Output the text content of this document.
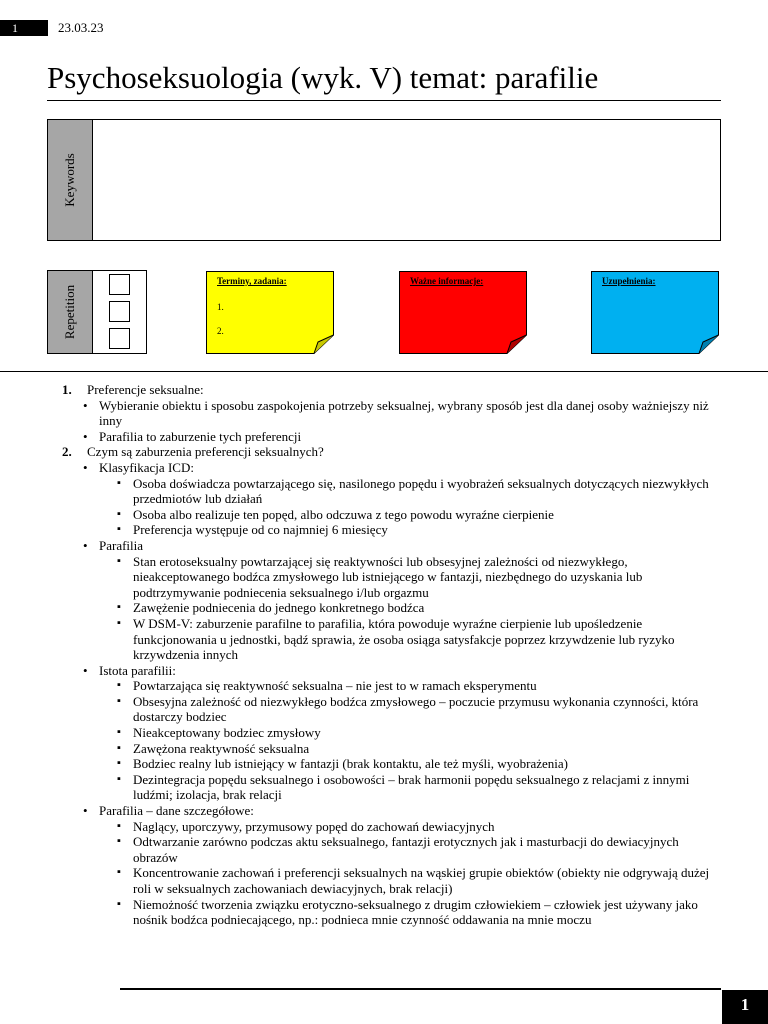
1	23.03.23
Psychoseksuologia (wyk. V) temat: parafilie
Keywords
Repetition
Terminy, zadania:
1.
2.
Ważne informacje:	Uzupełnienia:
1. Preferencje seksualne:
• Wybieranie obiektu i sposobu zaspokojenia potrzeby seksualnej, wybrany sposób jest dla danej osoby ważniejszy niż inny
• Parafilia to zaburzenie tych preferencji
2. Czym są zaburzenia preferencji seksualnych?
• Klasyfikacja ICD:
▪ Osoba doświadcza powtarzającego się, nasilonego popędu i wyobrażeń seksualnych dotyczących niezwykłych przedmiotów lub działań
▪ Osoba albo realizuje ten popęd, albo odczuwa z tego powodu wyraźne cierpienie
▪ Preferencja występuje od co najmniej 6 miesięcy
• Parafilia
▪ Stan erotoseksualny powtarzającej się reaktywności lub obsesyjnej zależności od niezwykłego, nieakceptowanego bodźca zmysłowego lub istniejącego w fantazji, niezbędnego do uzyskania lub podtrzymywanie podniecenia seksualnego i/lub orgazmu
▪ Zawężenie podniecenia do jednego konkretnego bodźca
▪ W DSM-V: zaburzenie parafilne to parafilia, która powoduje wyraźne cierpienie lub upośledzenie funkcjonowania u jednostki, bądź sprawia, że osoba osiąga satysfakcje poprzez krzywdzenie lub ryzyko krzywdzenia innych
• Istota parafilii:
▪ Powtarzająca się reaktywność seksualna – nie jest to w ramach eksperymentu
▪ Obsesyjna zależność od niezwykłego bodźca zmysłowego – poczucie przymusu wykonania czynności, która dostarczy bodziec
▪ Nieakceptowany bodziec zmysłowy
▪ Zawężona reaktywność seksualna
▪ Bodziec realny lub istniejący w fantazji (brak kontaktu, ale też myśli, wyobrażenia)
▪ Dezintegracja popędu seksualnego i osobowości – brak harmonii popędu seksualnego z relacjami z innymi ludźmi; izolacja, brak relacji
• Parafilia – dane szczegółowe:
▪ Naglący, uporczywy, przymusowy popęd do zachowań dewiacyjnych
▪ Odtwarzanie zarówno podczas aktu seksualnego, fantazji erotycznych jak i masturbacji do dewiacyjnych obrazów
▪ Koncentrowanie zachowań i preferencji seksualnych na wąskiej grupie obiektów (obiekty nie odgrywają dużej roli w seksualnych zachowaniach dewiacyjnych, brak relacji)
▪ Niemożność tworzenia związku erotyczno-seksualnego z drugim człowiekiem – człowiek jest używany jako nośnik bodźca podniecającego, np.: podnieca mnie czynność oddawania na mnie moczu
1
